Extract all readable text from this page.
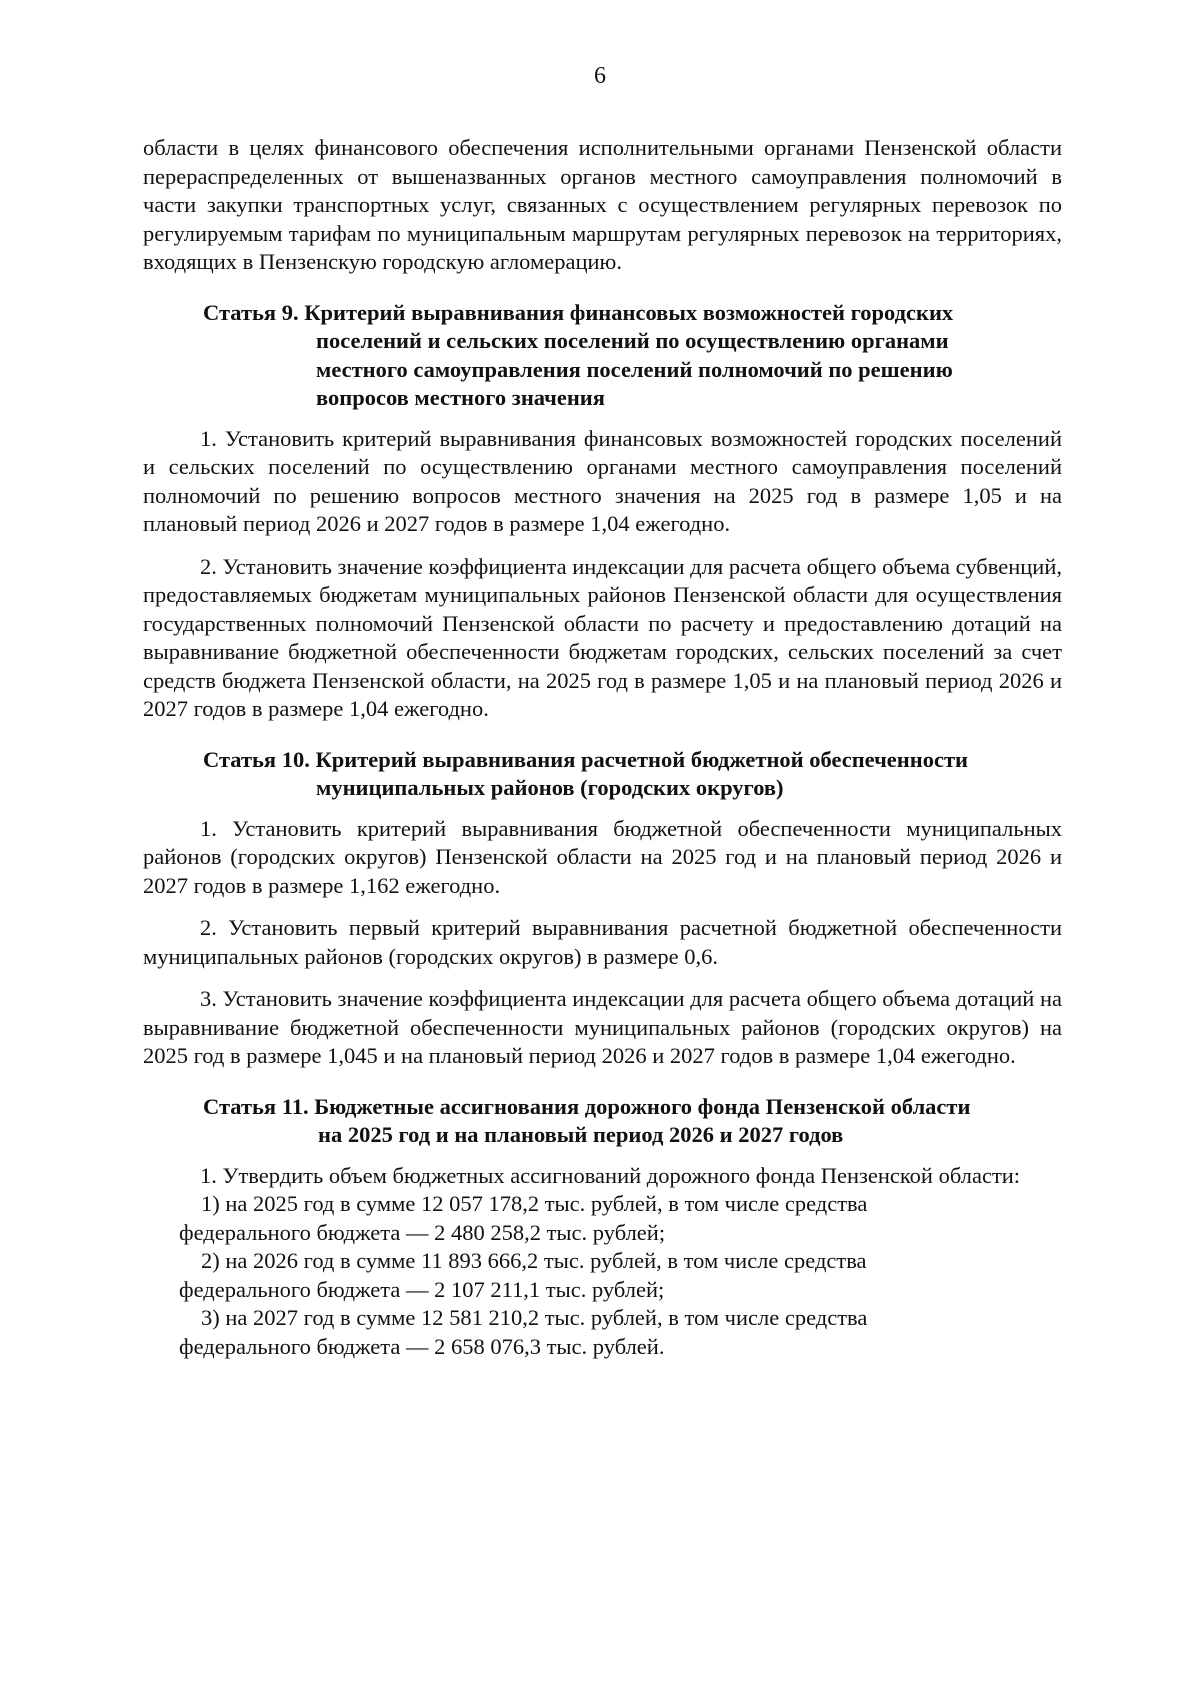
6

области в целях финансового обеспечения исполнительными органами Пензенской области перераспределенных от вышеназванных органов местного самоуправления полномочий в части закупки транспортных услуг, связанных с осуществлением регулярных перевозок по регулируемым тарифам по муниципальным маршрутам регулярных перевозок на территориях, входящих в Пензенскую городскую агломерацию.

Статья 9. Критерий выравнивания финансовых возможностей городских
поселений и сельских поселений по осуществлению органами
местного самоуправления поселений полномочий по решению
вопросов местного значения

1. Установить критерий выравнивания финансовых возможностей городских поселений и сельских поселений по осуществлению органами местного самоуправления поселений полномочий по решению вопросов местного значения на 2025 год в размере 1,05 и на плановый период 2026 и 2027 годов в размере 1,04 ежегодно.

2. Установить значение коэффициента индексации для расчета общего объема субвенций, предоставляемых бюджетам муниципальных районов Пензенской области для осуществления государственных полномочий Пензенской области по расчету и предоставлению дотаций на выравнивание бюджетной обеспеченности бюджетам городских, сельских поселений за счет средств бюджета Пензенской области, на 2025 год в размере 1,05 и на плановый период 2026 и 2027 годов в размере 1,04 ежегодно.

Статья 10. Критерий выравнивания расчетной бюджетной обеспеченности
муниципальных районов (городских округов)

1. Установить критерий выравнивания бюджетной обеспеченности муниципальных районов (городских округов) Пензенской области на 2025 год и на плановый период 2026 и 2027 годов в размере 1,162 ежегодно.

2. Установить первый критерий выравнивания расчетной бюджетной обеспеченности муниципальных районов (городских округов) в размере 0,6.

3. Установить значение коэффициента индексации для расчета общего объема дотаций на выравнивание бюджетной обеспеченности муниципальных районов (городских округов) на 2025 год в размере 1,045 и на плановый период 2026 и 2027 годов в размере 1,04 ежегодно.

Статья 11. Бюджетные ассигнования дорожного фонда Пензенской области
на 2025 год и на плановый период 2026 и 2027 годов

1. Утвердить объем бюджетных ассигнований дорожного фонда Пензенской области:

1) на 2025 год в сумме 12 057 178,2 тыс. рублей, в том числе средства
федерального бюджета — 2 480 258,2 тыс. рублей;
2) на 2026 год в сумме 11 893 666,2 тыс. рублей, в том числе средства
федерального бюджета — 2 107 211,1 тыс. рублей;
3) на 2027 год в сумме 12 581 210,2 тыс. рублей, в том числе средства
федерального бюджета — 2 658 076,3 тыс. рублей.
